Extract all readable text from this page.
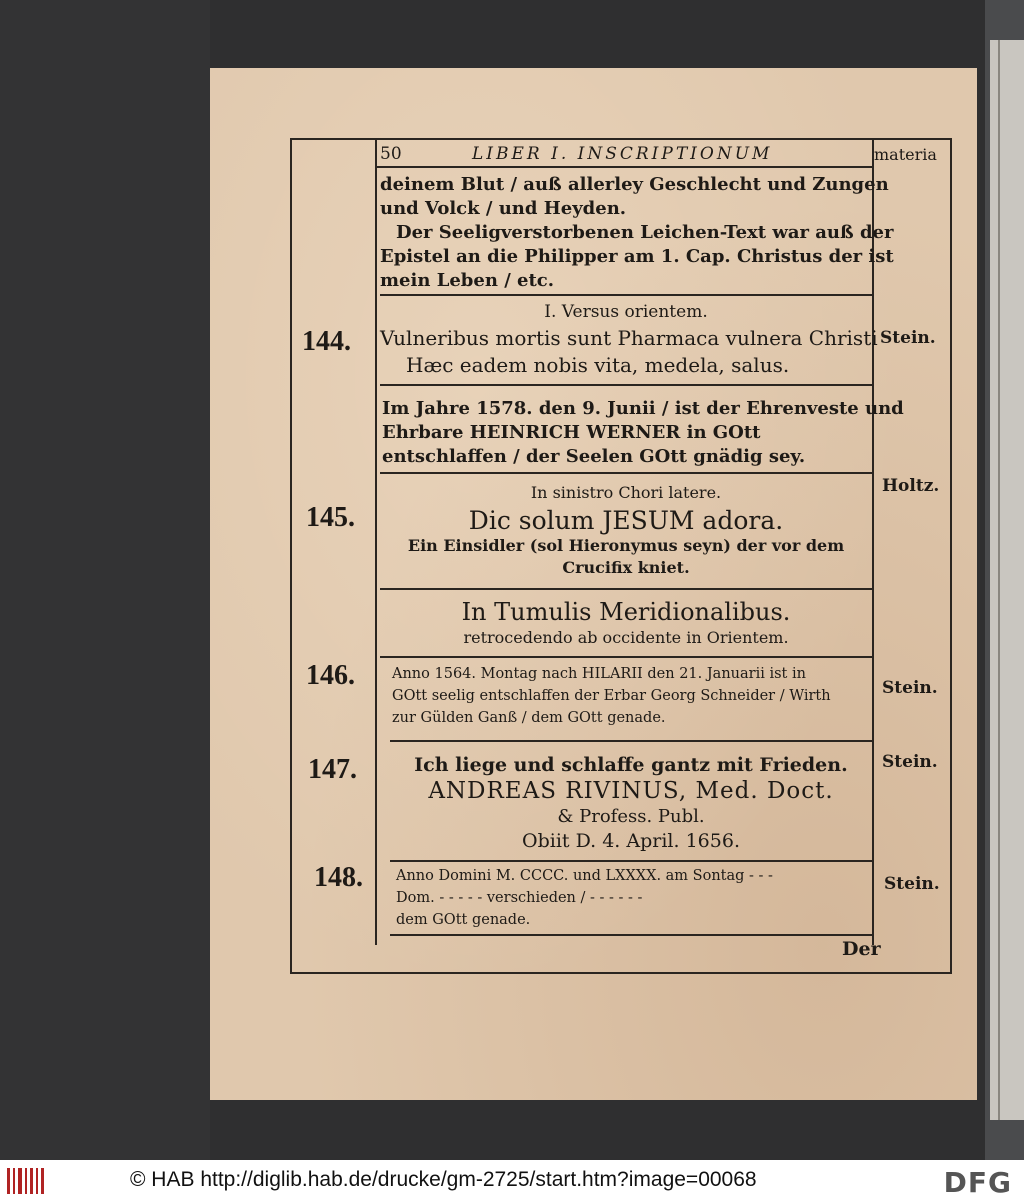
50	LIBER I. INSCRIPTIONUM	materia
deinem Blut / auß allerley Geschlecht und Zungen
und Volck / und Heyden.
Der Seeligverstorbenen Leichen-Text war auß der
Epistel an die Philipper am 1. Cap. Christus der ist
mein Leben / etc.
144.	Stein.
I. Versus orientem.
Vulneribus mortis sunt Pharmaca vulnera Christi
Hæc eadem nobis vita, medela, salus.
Im Jahre 1578. den 9. Junii / ist der Ehrenveste und
Ehrbare HEINRICH WERNER in GOtt
entschlaffen / der Seelen GOtt gnädig sey.
145.
Holtz.
In sinistro Chori latere.
Dic solum JESUM adora.
Ein Einsidler (sol Hieronymus seyn) der vor dem
Crucifix kniet.
In Tumulis Meridionalibus.
retrocedendo ab occidente in Orientem.
146.	Stein.
Anno 1564. Montag nach HILARII den 21. Januarii ist in
GOtt seelig entschlaffen der Erbar Georg Schneider / Wirth
zur Gülden Ganß / dem GOtt genade.
147.	Stein.
Ich liege und schlaffe gantz mit Frieden.
ANDREAS RIVINUS, Med. Doct.
& Profess. Publ.
Obiit D. 4. April. 1656.
148.	Stein.
Anno Domini M. CCCC. und LXXXX. am Sontag - - -
Dom. - - - - - verschieden / - - - - - -
dem GOtt genade.
Der
© HAB http://diglib.hab.de/drucke/gm-2725/start.htm?image=00068	DFG
